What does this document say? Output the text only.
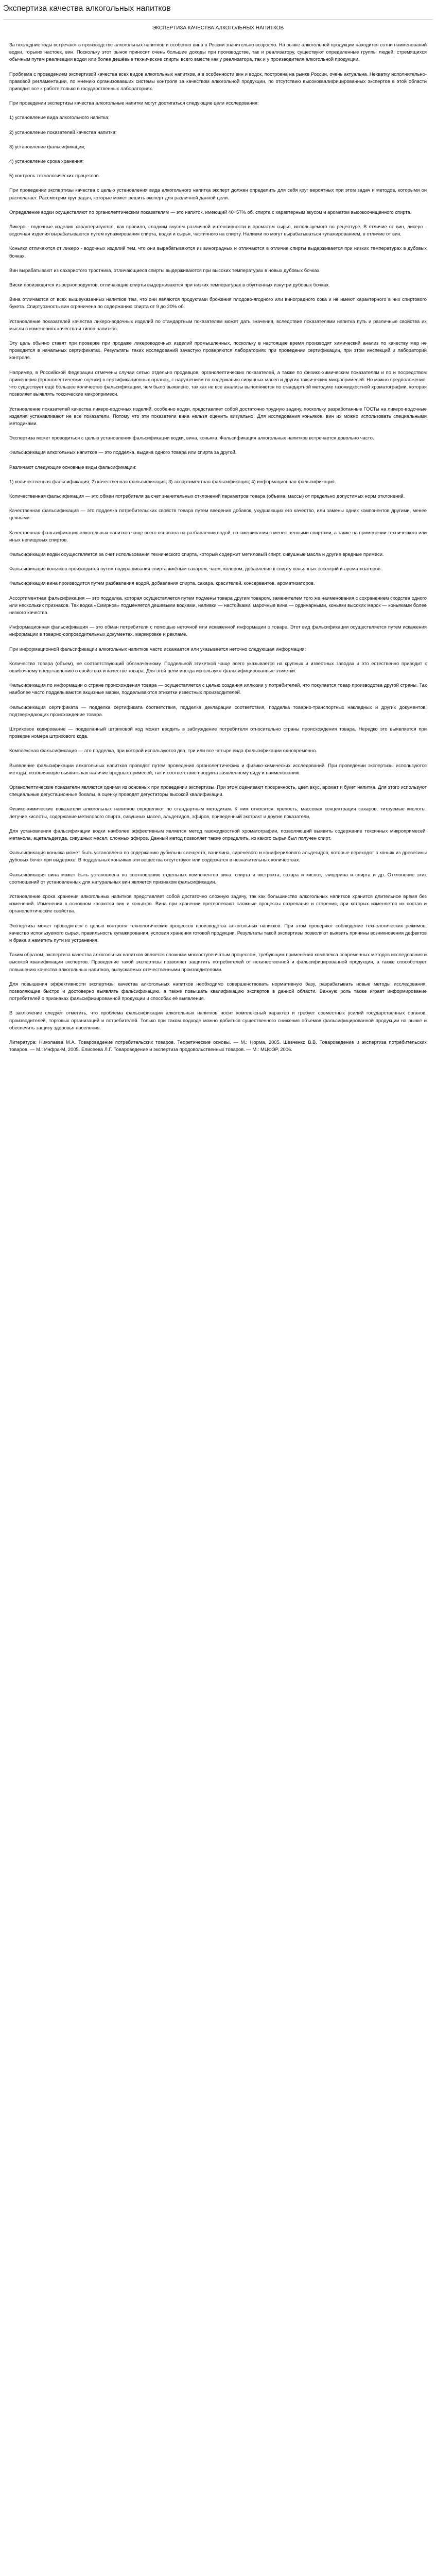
Экспертиза качества алкогольных напитков
ЭКСПЕРТИЗА КАЧЕСТВА АЛКОГОЛЬНЫХ НАПИТКОВ

За последние годы встречают в производстве алкогольных напитков и особенно вина в России значительно возросло. На рынке алкогольной продукции находится сотни наименований водки, горьких настоек, вин. Поскольку этот рынок приносит очень большие доходы при производстве, так и реализатору, существуют определенные группы людей, стремящихся обычным путем реализации водки или более дешёвые технические спирты всего вместе как у реализатора, так и у производителя алкогольной продукции.

Проблема с проведением экспертизой качества всех видов алкогольных напитков, а в особенности вин и водок, построена на рынке России, очень актуальна. Нехватку исполнительно-правовой регламентации, по мнению организовавших системы контроля за качеством алкогольной продукции, по отсутствию высококвалифицированных экспертов в этой области приводит все к работе только в государственных лабораториях.

При проведении экспертизы качества алкогольные напитки могут достигаться следующие цели исследования:

1) установление вида алкогольного напитка;

2) установление показателей качества напитка;

3) установление фальсификации;

4) установление срока хранения;

5) контроль технологических процессов.

При проведении экспертизы качества с целью установления вида алкогольного напитка эксперт должен определить для себя круг вероятных при этом задач и методов, которыми он располагает. Рассмотрим круг задач, которые может решить эксперт для различной данной цели.

Определение водки осуществляют по органолептическим показателям — это напиток, имеющий 40÷57% об. спирта с характерным вкусом и ароматом высокоочищенного спирта.

Ликеро - водочные изделия характеризуются, как правило, сладким вкусом различной интенсивности и ароматом сырья, используемого по рецептуре. В отличие от вин, ликеро - водочная изделия вырабатываются путем купажирования спирта, водки и сырья, частичного на спирту. Наливки по могут вырабатываться купажированием, в отличие от вин.

Коньяки отличаются от ликеро - водочных изделий тем, что они вырабатываются из виноградных и отличаются в отличие спирты выдерживается при низких температурах в дубовых бочках.

Вин вырабатывают из сахаристого тростника, отличающиеся спирты выдерживаются при высоких температурах в новых дубовых бочках.

Виски производятся из зернопродуктов, отличающие спирты выдерживаются при низких температурах в обугленных изнутри дубовых бочках.

Вина отличаются от всех вышеуказанных напитков тем, что они являются продуктами брожения плодово-ягодного или виноградного сока и не имеют характерного в них спиртового букета. Спиртуозность вин ограничена по содержанию спирта от 9 до 20% об.

Установление показателей качества ликеро-водочных изделий по стандартным показателям может дать значения, вследствие показателями напитка путь и различные свойства их мысли в изменениях качества и типов напитков.

Эту цель обычно ставят при проверке при продаже ликероводочных изделий промышленных, поскольку в настоящее время производят химический анализ по качеству мер не проводится в начальных сертификатах. Результаты таких исследований зачастую проверяются лабораториях при проведении сертификации, при этом инспекций и лабораторий контроля.

Например, в Российской Федерации отмечены случаи сетью отдельно продавцов, органолептических показателей, а также по физико-химическим показателям и по и посредством применения (органолептические оценки) в сертификационных органах, с нарушением по содержанию сивушных масел и других токсических микропримесей. Но можно предположение, что существует ещё большее количество фальсификации, чем было выявлено, так как не все анализы выполняются по стандартной методике газожидкостной хроматографии, которая позволяет выявлять токсические микропримеси.

Установление показателей качества ликеро-водочных изделий, особенно водки, представляет собой достаточно трудную задачу, поскольку разработанные ГОСТы на ликеро-водочные изделия устанавливают не все показатели. Потому что эти показатели вина нельзя оценить визуально. Для исследования коньяков, вин их можно использовать специальными методиками.

Экспертиза может проводиться с целью установления фальсификации водки, вина, коньяка. Фальсификация алкогольных напитков встречается довольно часто.

Фальсификация алкогольных напитков — это подделка, выдача одного товара или спирта за другой.

Различают следующие основные виды фальсификации:

1) количественная фальсификация; 2) качественная фальсификация; 3) ассортиментная фальсификация; 4) информационная фальсификация.

Количественная фальсификация — это обман потребителя за счет значительных отклонений параметров товара (объема, массы) от предельно допустимых норм отклонений.

Качественная фальсификация — это подделка потребительских свойств товара путем введения добавок, ухудшающих его качество, или замены одних компонентов другими, менее ценными.

Качественная фальсификация алкогольных напитков чаще всего основана на разбавлении водой, на смешивании с менее ценными спиртами, а также на применении технического или иных непищевых спиртов.

Фальсификация водки осуществляется за счет использования технического спирта, который содержит метиловый спирт, сивушные масла и другие вредные примеси.

Фальсификация коньяков производится путем подкрашивания спирта жжёным сахаром, чаем, колером, добавления к спирту коньячных эссенций и ароматизаторов.

Фальсификация вина производится путем разбавления водой, добавления спирта, сахара, красителей, консервантов, ароматизаторов.

Ассортиментная фальсификация — это подделка, которая осуществляется путем подмены товара другим товаром, заменителем того же наименования с сохранением сходства одного или нескольких признаков. Так водка «Смирнов» подменяется дешевыми водками, наливки — настойками, марочные вина — ординарными, коньяки высоких марок — коньяками более низкого качества.

Информационная фальсификация — это обман потребителя с помощью неточной или искаженной информации о товаре. Этот вид фальсификации осуществляется путем искажения информации в товарно-сопроводительных документах, маркировке и рекламе.

При информационной фальсификации алкогольных напитков часто искажается или указывается неточно следующая информация:

Количество товара (объем), не соответствующий обозначенному. Поддельной этикеткой чаще всего указывается на крупных и известных заводах и это естественно приводит к ошибочному представлению о свойствах и качестве товара. Для этой цели иногда используют фальсифицированные этикетки.

Фальсификация по информации о стране происхождения товара — осуществляется с целью создания иллюзии у потребителей, что покупается товар производства другой страны. Так наиболее часто подделываются акцизные марки, подделываются этикетки известных производителей.

Фальсификация сертификата — подделка сертификата соответствия, подделка декларации соответствия, подделка товарно-транспортных накладных и других документов, подтверждающих происхождение товара.

Штриховое кодирование — подделанный штриховой код может вводить в заблуждение потребителя относительно страны происхождения товара. Нередко это выявляется при проверке номера штрихового кода.

Комплексная фальсификация — это подделка, при которой используются два, три или все четыре вида фальсификации одновременно.

Выявление фальсификации алкогольных напитков проводят путем проведения органолептических и физико-химических исследований. При проведении экспертизы используются методы, позволяющие выявить как наличие вредных примесей, так и соответствие продукта заявленному виду и наименованию.

Органолептические показатели являются одними из основных при проведении экспертизы. При этом оценивают прозрачность, цвет, вкус, аромат и букет напитка. Для этого используют специальные дегустационные бокалы, а оценку проводят дегустаторы высокой квалификации.

Физико-химические показатели алкогольных напитков определяют по стандартным методикам. К ним относятся: крепость, массовая концентрация сахаров, титруемые кислоты, летучие кислоты, содержание метилового спирта, сивушных масел, альдегидов, эфиров, приведенный экстракт и другие показатели.

Для установления фальсификации водки наиболее эффективным является метод газожидкостной хроматографии, позволяющий выявить содержание токсичных микропримесей: метанола, ацетальдегида, сивушных масел, сложных эфиров. Данный метод позволяет также определить, из какого сырья был получен спирт.

Фальсификация коньяка может быть установлена по содержанию дубильных веществ, ванилина, сиреневого и кониферилового альдегидов, которые переходят в коньяк из древесины дубовых бочек при выдержке. В поддельных коньяках эти вещества отсутствуют или содержатся в незначительных количествах.

Фальсификация вина может быть установлена по соотношению отдельных компонентов вина: спирта и экстракта, сахара и кислот, глицерина и спирта и др. Отклонение этих соотношений от установленных для натуральных вин является признаком фальсификации.

Установление срока хранения алкогольных напитков представляет собой достаточно сложную задачу, так как большинство алкогольных напитков хранится длительное время без изменений. Изменения в основном касаются вин и коньяков. Вина при хранении претерпевают сложные процессы созревания и старения, при которых изменяется их состав и органолептические свойства.

Экспертиза может проводиться с целью контроля технологических процессов производства алкогольных напитков. При этом проверяют соблюдение технологических режимов, качество используемого сырья, правильность купажирования, условия хранения готовой продукции. Результаты такой экспертизы позволяют выявить причины возникновения дефектов и брака и наметить пути их устранения.

Таким образом, экспертиза качества алкогольных напитков является сложным многоступенчатым процессом, требующим применения комплекса современных методов исследования и высокой квалификации экспертов. Проведение такой экспертизы позволяет защитить потребителей от некачественной и фальсифицированной продукции, а также способствует повышению качества алкогольных напитков, выпускаемых отечественными производителями.

Для повышения эффективности экспертизы качества алкогольных напитков необходимо совершенствовать нормативную базу, разрабатывать новые методы исследования, позволяющие быстро и достоверно выявлять фальсификацию, а также повышать квалификацию экспертов в данной области. Важную роль также играет информирование потребителей о признаках фальсифицированной продукции и способах её выявления.

В заключение следует отметить, что проблема фальсификации алкогольных напитков носит комплексный характер и требует совместных усилий государственных органов, производителей, торговых организаций и потребителей. Только при таком подходе можно добиться существенного снижения объемов фальсифицированной продукции на рынке и обеспечить защиту здоровья населения.

Литература: Николаева М.А. Товароведение потребительских товаров. Теоретические основы. — М.: Норма, 2005. Шевченко В.В. Товароведение и экспертиза потребительских товаров. — М.: Инфра-М, 2005. Елисеева Л.Г. Товароведение и экспертиза продовольственных товаров. — М.: МЦФЭР, 2006.
